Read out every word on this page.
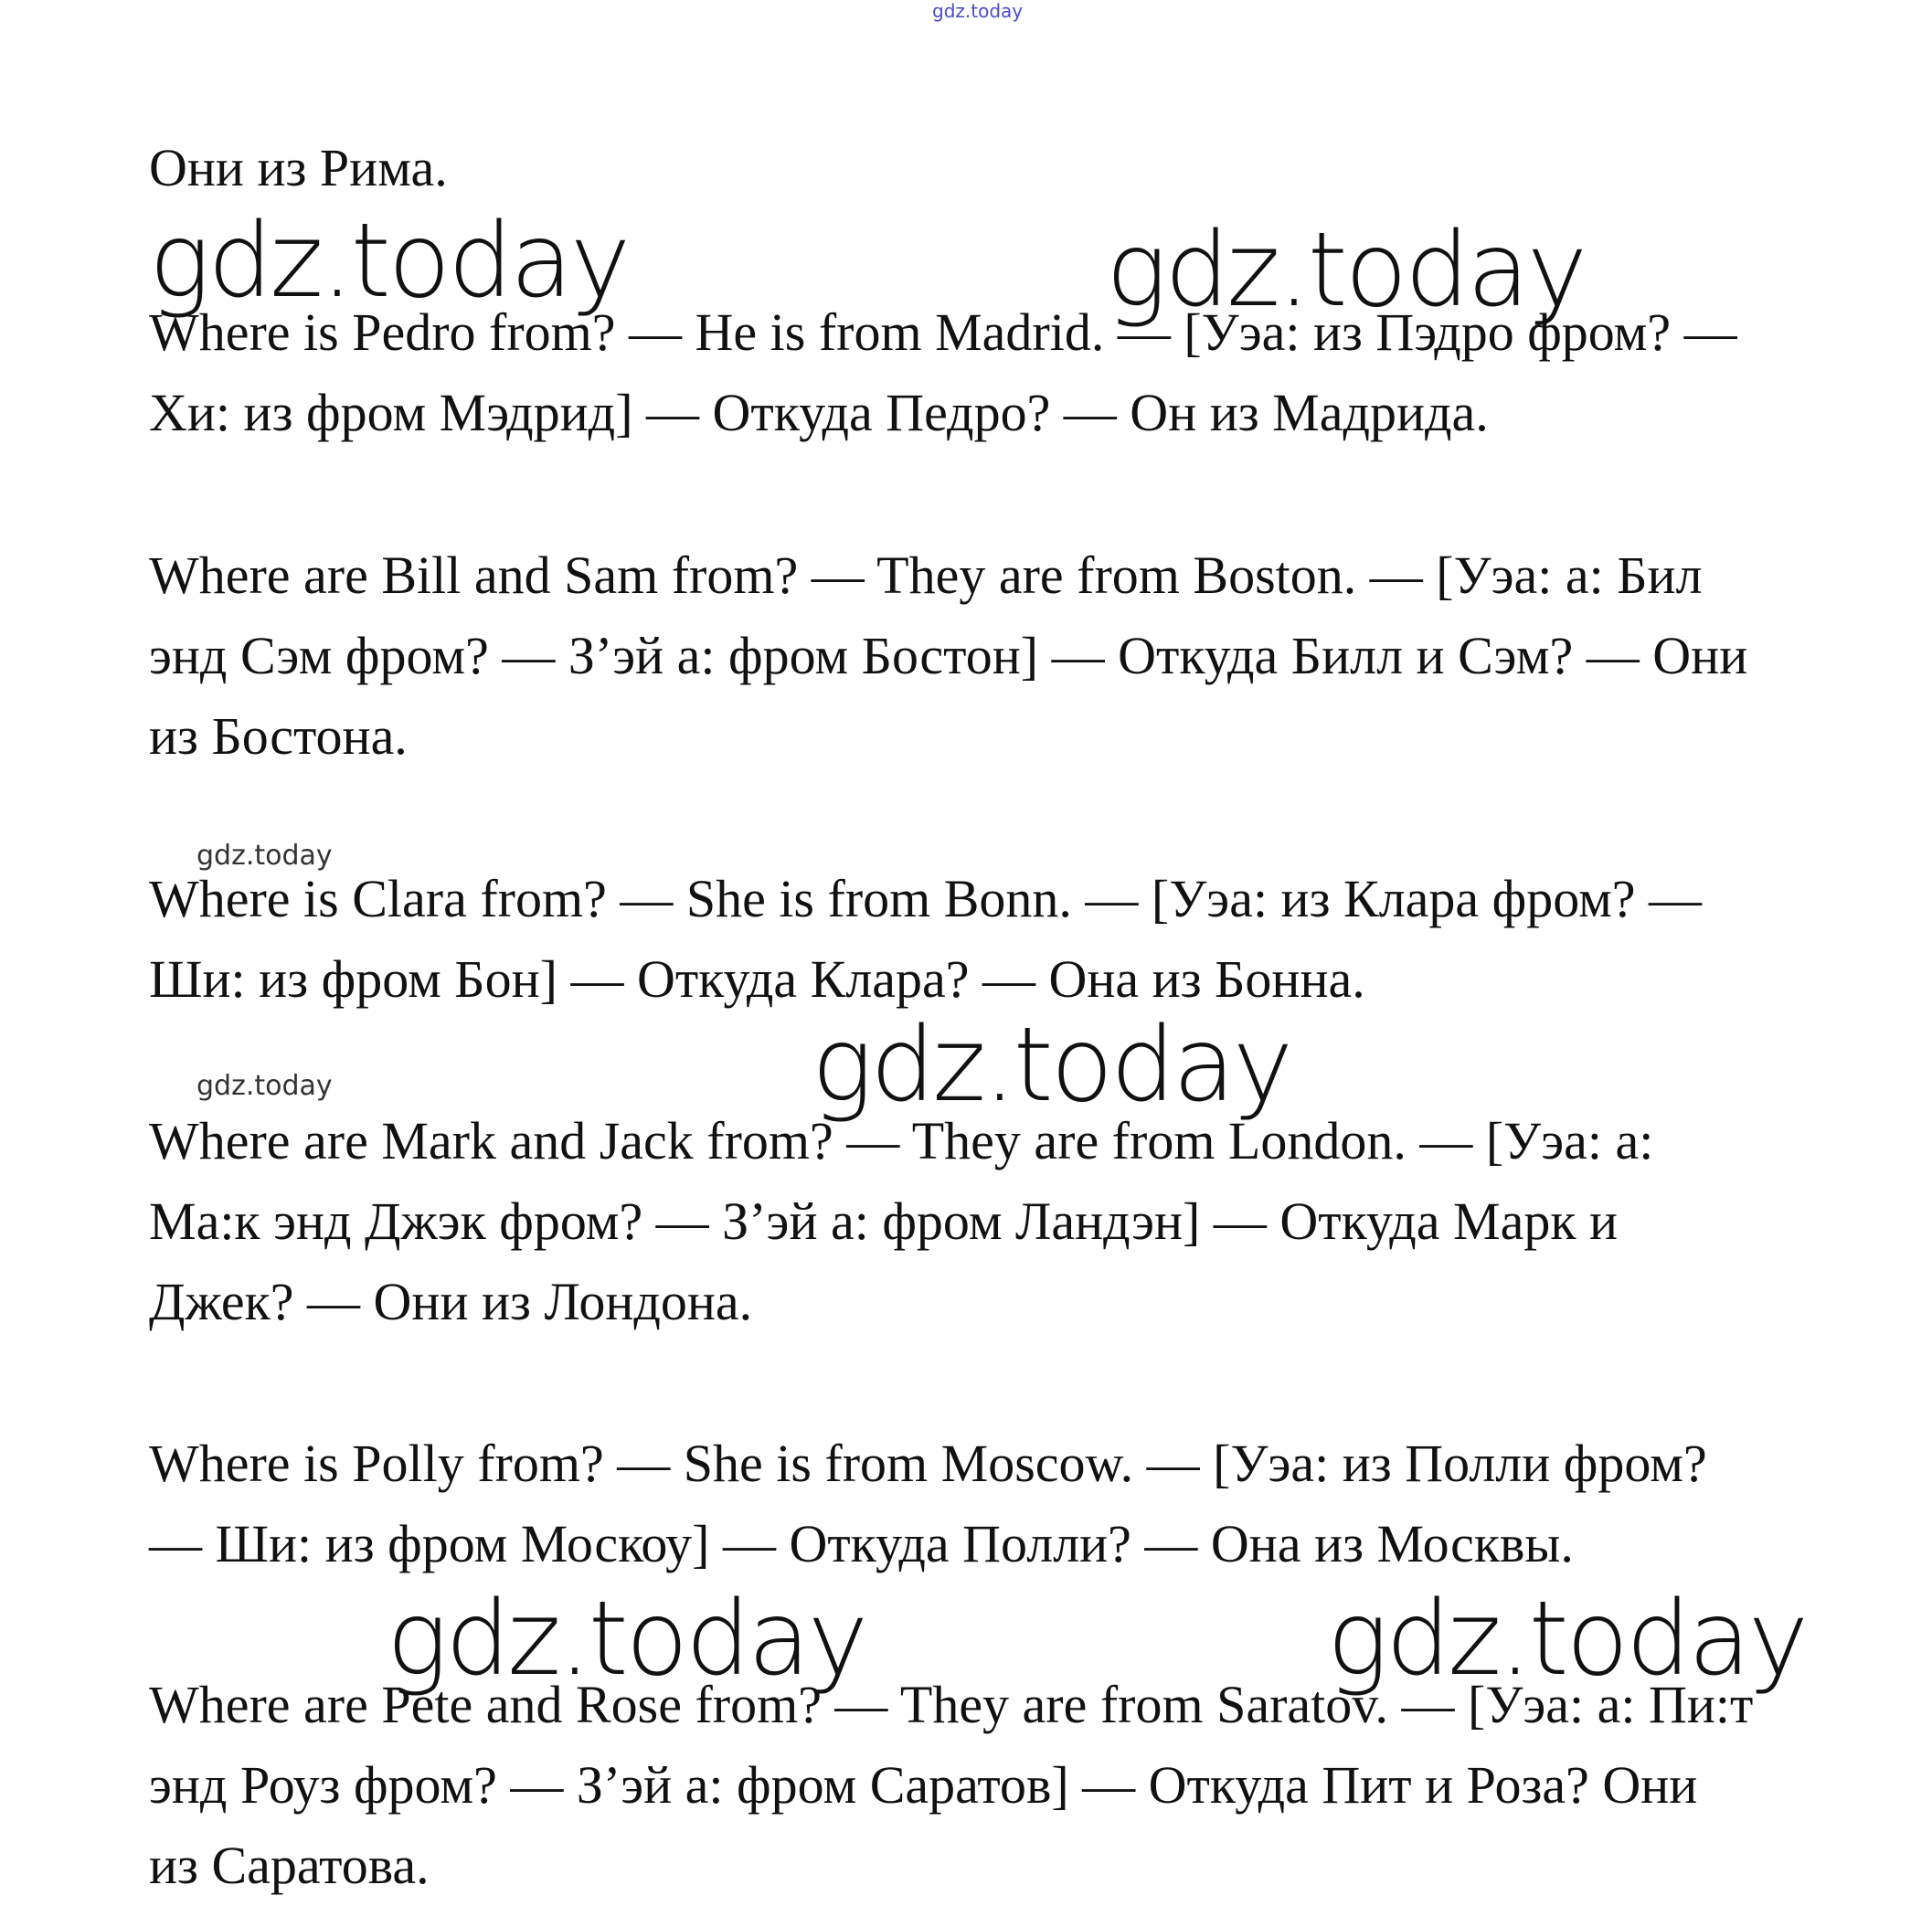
gdz.today

Они из Рима.

gdz.today	gdz.today

Where is Pedro from? — He is from Madrid. — [Уэа: из Пэдро фром? —

Хи: из фром Мэдрид] — Откуда Педро? — Он из Мадрида.

Where are Bill and Sam from? — They are from Boston. — [Уэа: а: Бил

энд Сэм фром? — З’эй а: фром Бостон] — Откуда Билл и Сэм? — Они

из Бостона.

gdz.today

Where is Clara from? — She is from Bonn. — [Уэа: из Клара фром? —

Ши: из фром Бон] — Откуда Клара? — Она из Бонна.

gdz.today
gdz.today

Where are Mark and Jack from? — They are from London. — [Уэа: а:

Ма:к энд Джэк фром? — З’эй а: фром Ландэн] — Откуда Марк и

Джек? — Они из Лондона.

Where is Polly from? — She is from Moscow. — [Уэа: из Полли фром?

— Ши: из фром Москоу] — Откуда Полли? — Она из Москвы.

gdz.today	gdz.today

Where are Pete and Rose from? — They are from Saratov. — [Уэа: а: Пи:т

энд Роуз фром? — З’эй а: фром Саратов] — Откуда Пит и Роза? Они

из Саратова.
